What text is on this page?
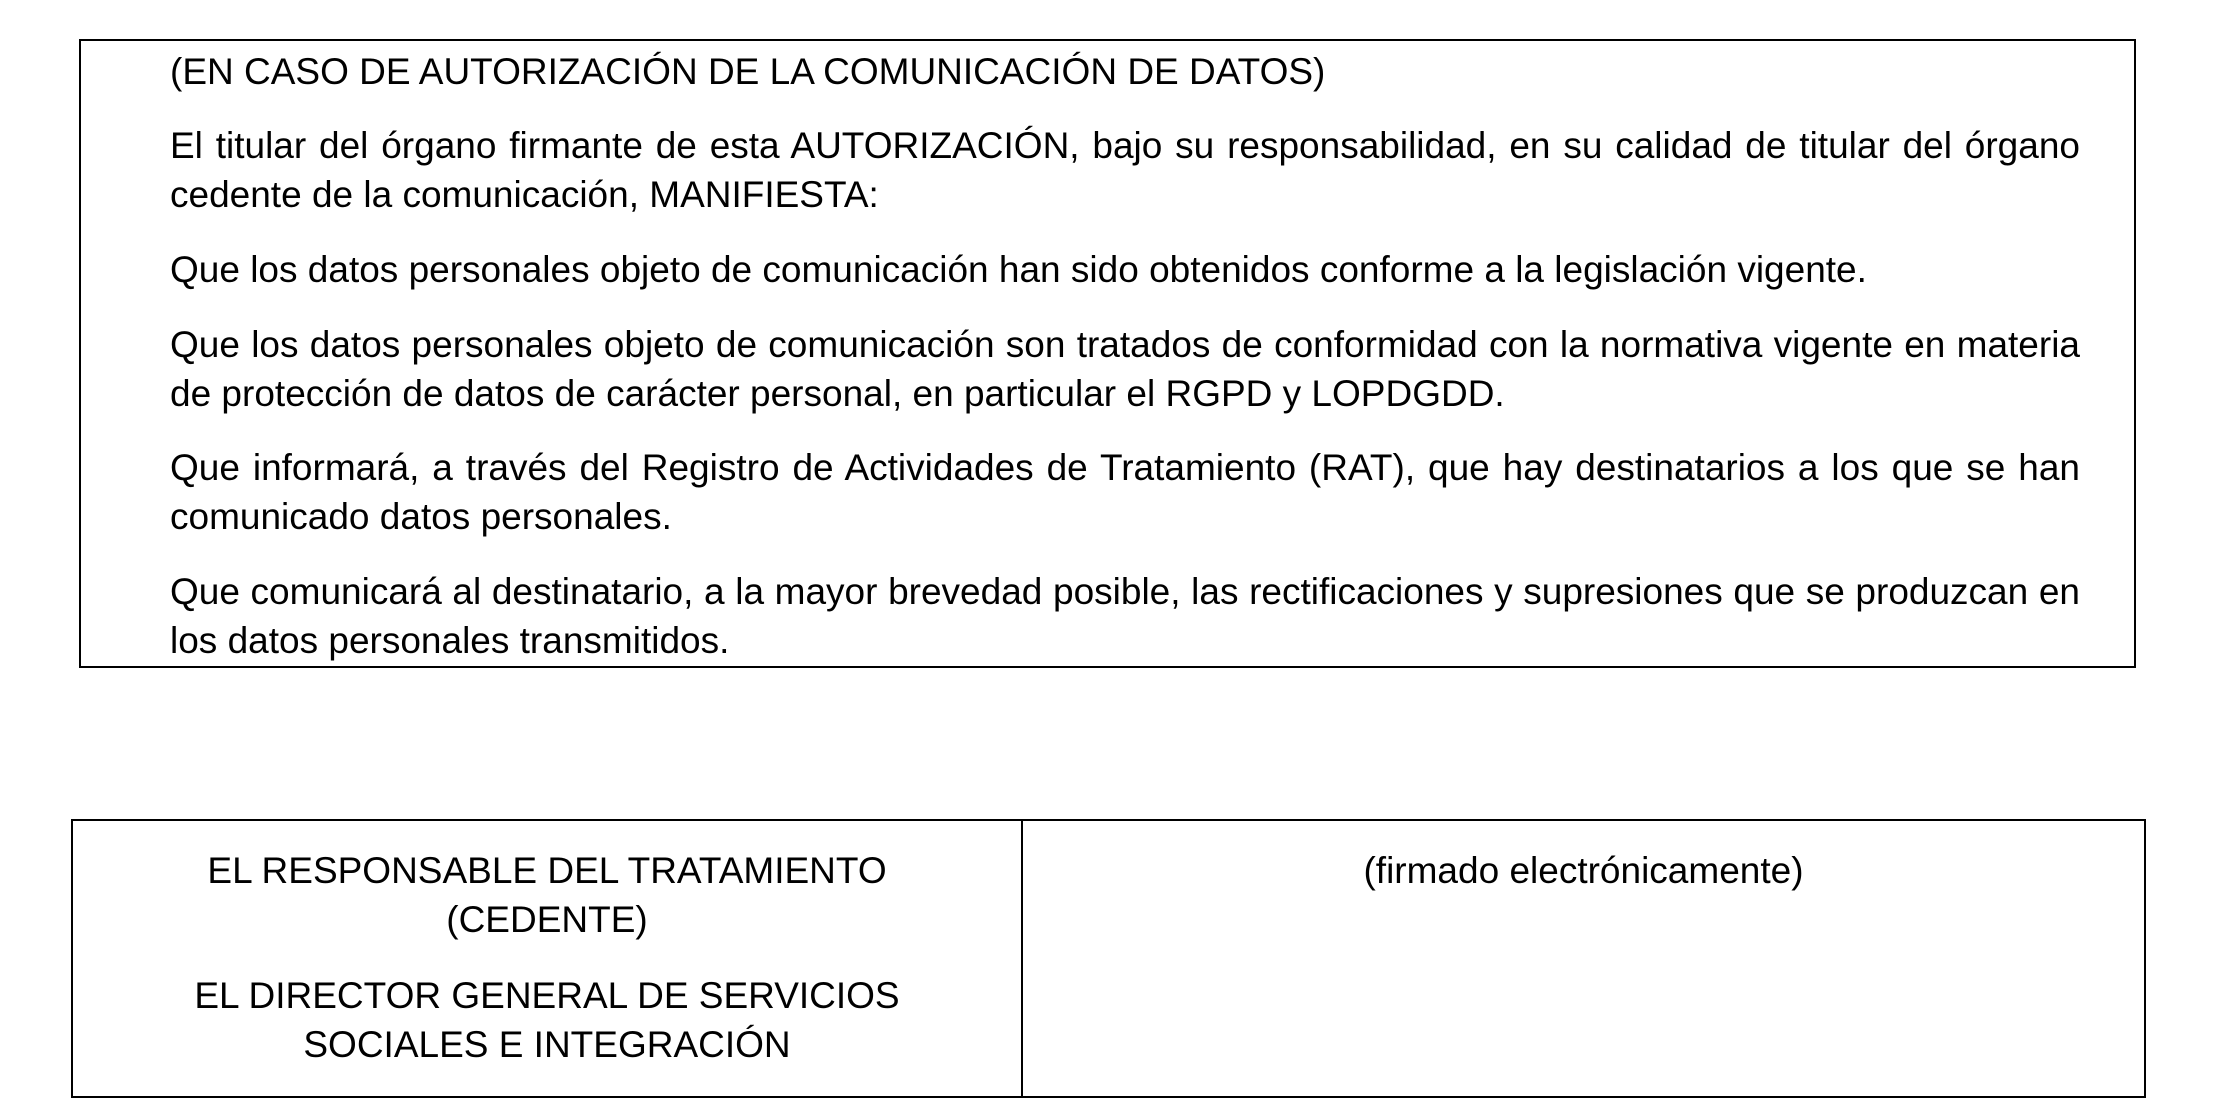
(EN CASO DE AUTORIZACIÓN DE LA COMUNICACIÓN DE DATOS)

El titular del órgano firmante de esta AUTORIZACIÓN, bajo su responsabilidad, en su calidad de titular del órgano cedente de la comunicación, MANIFIESTA:

Que los datos personales objeto de comunicación han sido obtenidos conforme a la legislación vigente.

Que los datos personales objeto de comunicación son tratados de conformidad con la normativa vigente en materia de protección de datos de carácter personal, en particular el RGPD y LOPDGDD.

Que informará, a través del Registro de Actividades de Tratamiento (RAT), que hay destinatarios a los que se han comunicado datos personales.

Que comunicará al destinatario, a la mayor brevedad posible, las rectificaciones y supresiones que se produzcan en los datos personales transmitidos.

EL RESPONSABLE DEL TRATAMIENTO
(CEDENTE)
EL DIRECTOR GENERAL DE SERVICIOS
SOCIALES E INTEGRACIÓN
(firmado electrónicamente)
